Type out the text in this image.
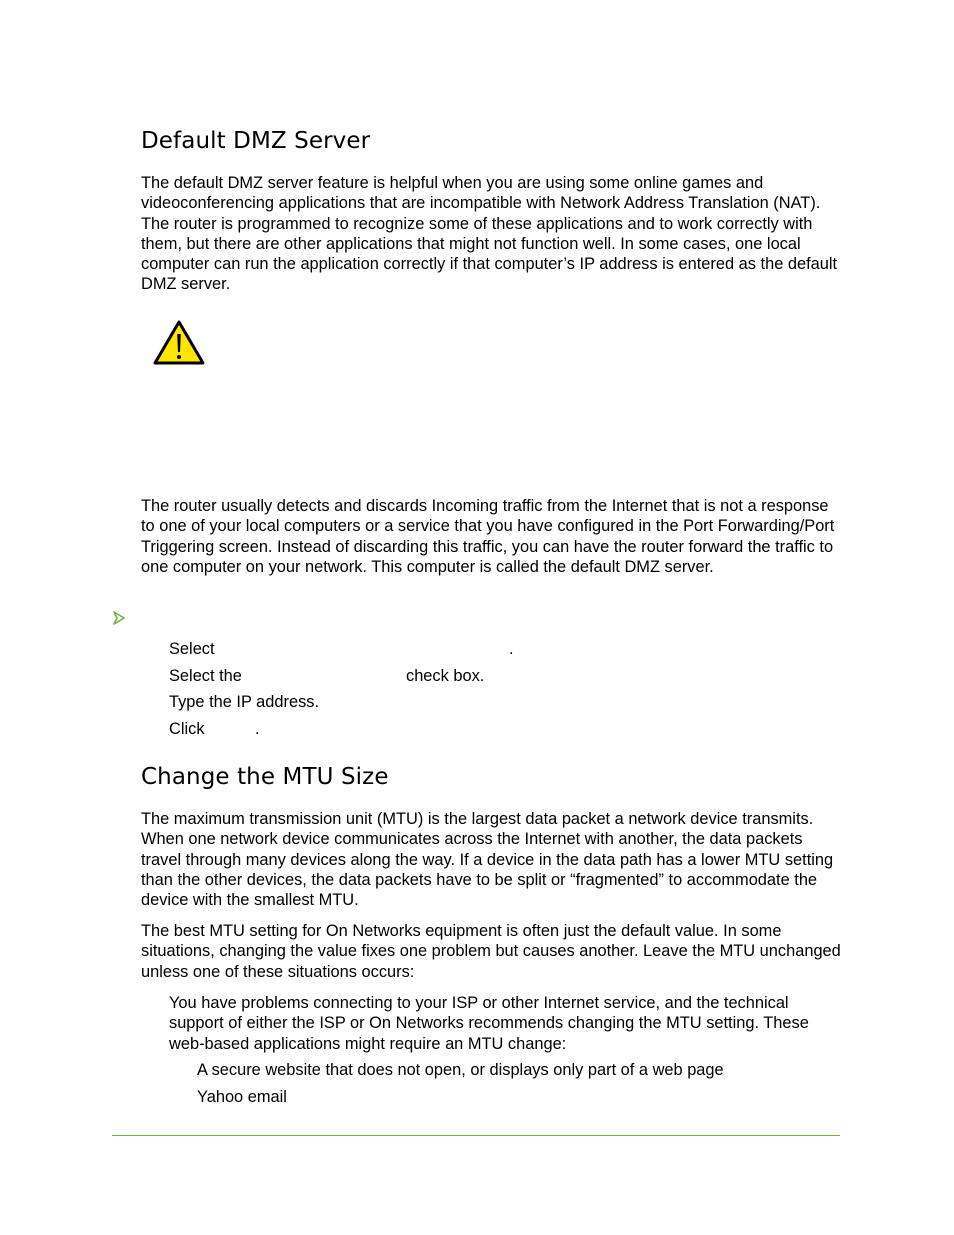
Default DMZ Server

The default DMZ server feature is helpful when you are using some online games and videoconferencing applications that are incompatible with Network Address Translation (NAT). The router is programmed to recognize some of these applications and to work correctly with them, but there are other applications that might not function well. In some cases, one local computer can run the application correctly if that computer’s IP address is entered as the default DMZ server.

The router usually detects and discards Incoming traffic from the Internet that is not a response to one of your local computers or a service that you have configured in the Port Forwarding/Port Triggering screen. Instead of discarding this traffic, you can have the router forward the traffic to one computer on your network. This computer is called the default DMZ server.

Select	.
Select the	check box.
Type the IP address.
Click	.
Change the MTU Size

The maximum transmission unit (MTU) is the largest data packet a network device transmits. When one network device communicates across the Internet with another, the data packets travel through many devices along the way. If a device in the data path has a lower MTU setting than the other devices, the data packets have to be split or “fragmented” to accommodate the device with the smallest MTU.

The best MTU setting for On Networks equipment is often just the default value. In some situations, changing the value fixes one problem but causes another. Leave the MTU unchanged unless one of these situations occurs:

You have problems connecting to your ISP or other Internet service, and the technical support of either the ISP or On Networks recommends changing the MTU setting. These web-based applications might require an MTU change:

A secure website that does not open, or displays only part of a web page
Yahoo email
